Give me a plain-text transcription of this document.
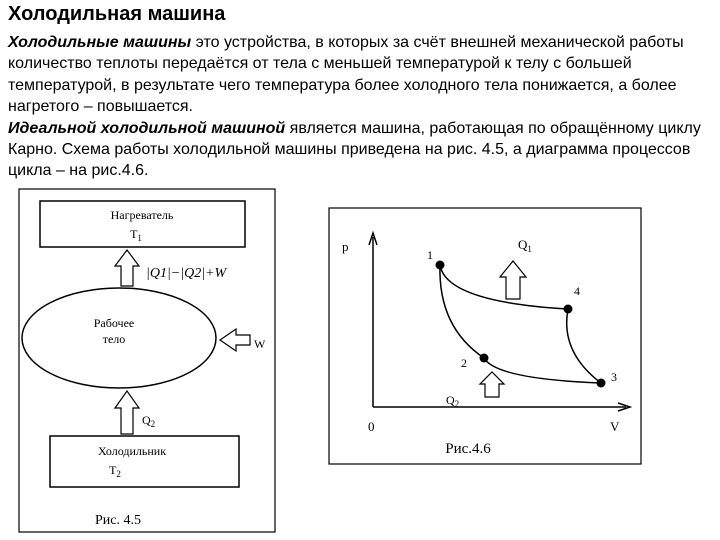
Холодильная машина
Холодильные машины это устройства, в которых за счёт внешней механической работы количество теплоты передаётся от тела с меньшей температурой к телу с большей температурой, в результате чего температура более холодного тела понижается, а более нагретого – повышается.
Идеальной холодильной машиной является машина, работающая по обращённому циклу Карно. Схема работы холодильной машины приведена на рис. 4.5, а диаграмма процессов цикла – на рис.4.6.
Нагреватель
$Т_1$
|Q1|−|Q2|+W
Рабочее
тело	W
$Q_2$
Холодильник
$Т_2$
Рис. 4.5
р
V
0
1
2
3
4
$Q_1$
$Q_2$
Рис.4.6
